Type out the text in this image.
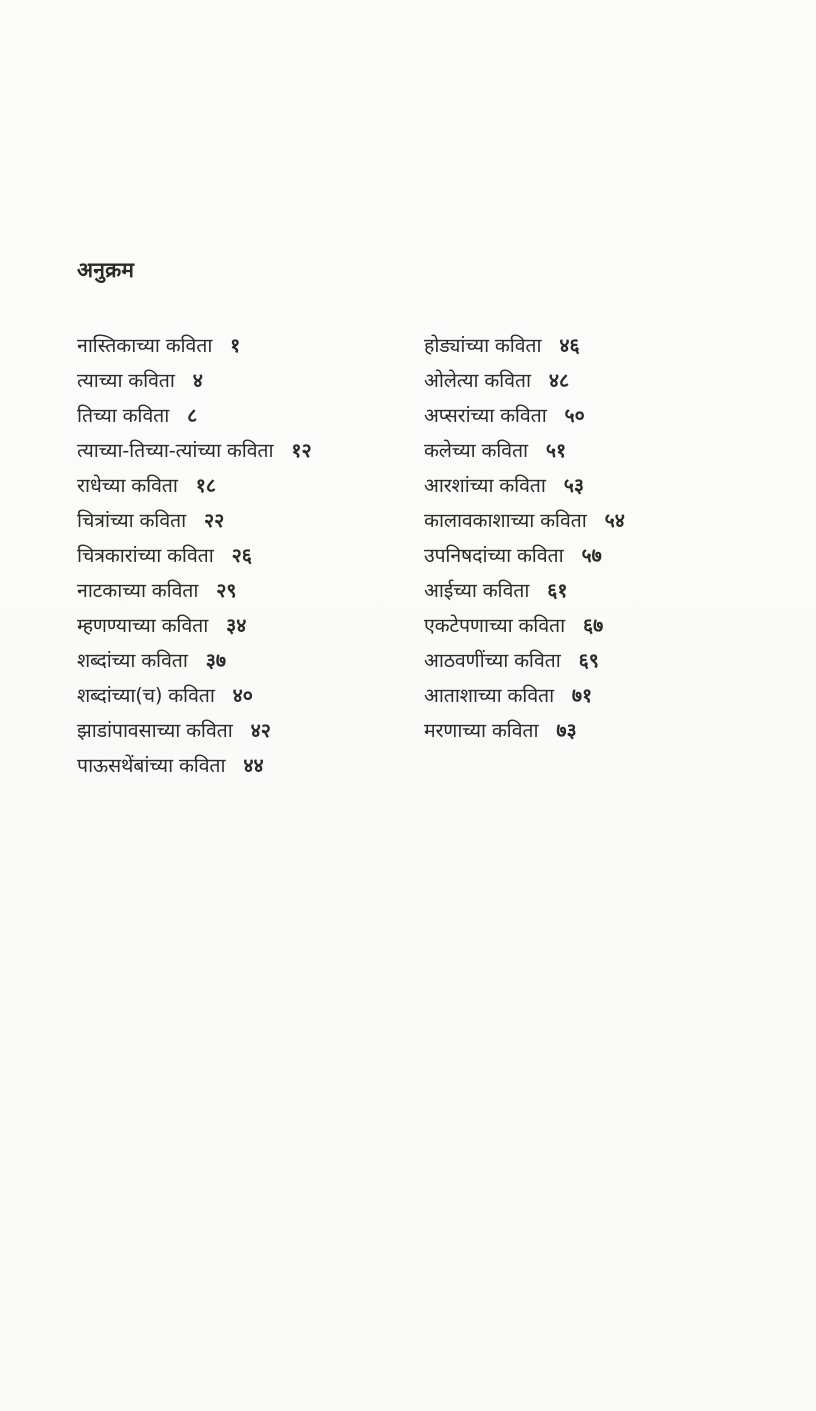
अनुक्रम
नास्तिकाच्या कविता १
त्याच्या कविता ४
तिच्या कविता ८
त्याच्या-तिच्या-त्यांच्या कविता १२
राधेच्या कविता १८
चित्रांच्या कविता २२
चित्रकारांच्या कविता २६
नाटकाच्या कविता २९
म्हणण्याच्या कविता ३४
शब्दांच्या कविता ३७
शब्दांच्या(च) कविता ४०
झाडांपावसाच्या कविता ४२
पाऊसथेंबांच्या कविता ४४
होड्यांच्या कविता ४६
ओलेत्या कविता ४८
अप्सरांच्या कविता ५०
कलेच्या कविता ५१
आरशांच्या कविता ५३
कालावकाशाच्या कविता ५४
उपनिषदांच्या कविता ५७
आईच्या कविता ६१
एकटेपणाच्या कविता ६७
आठवणींच्या कविता ६९
आताशाच्या कविता ७१
मरणाच्या कविता ७३
